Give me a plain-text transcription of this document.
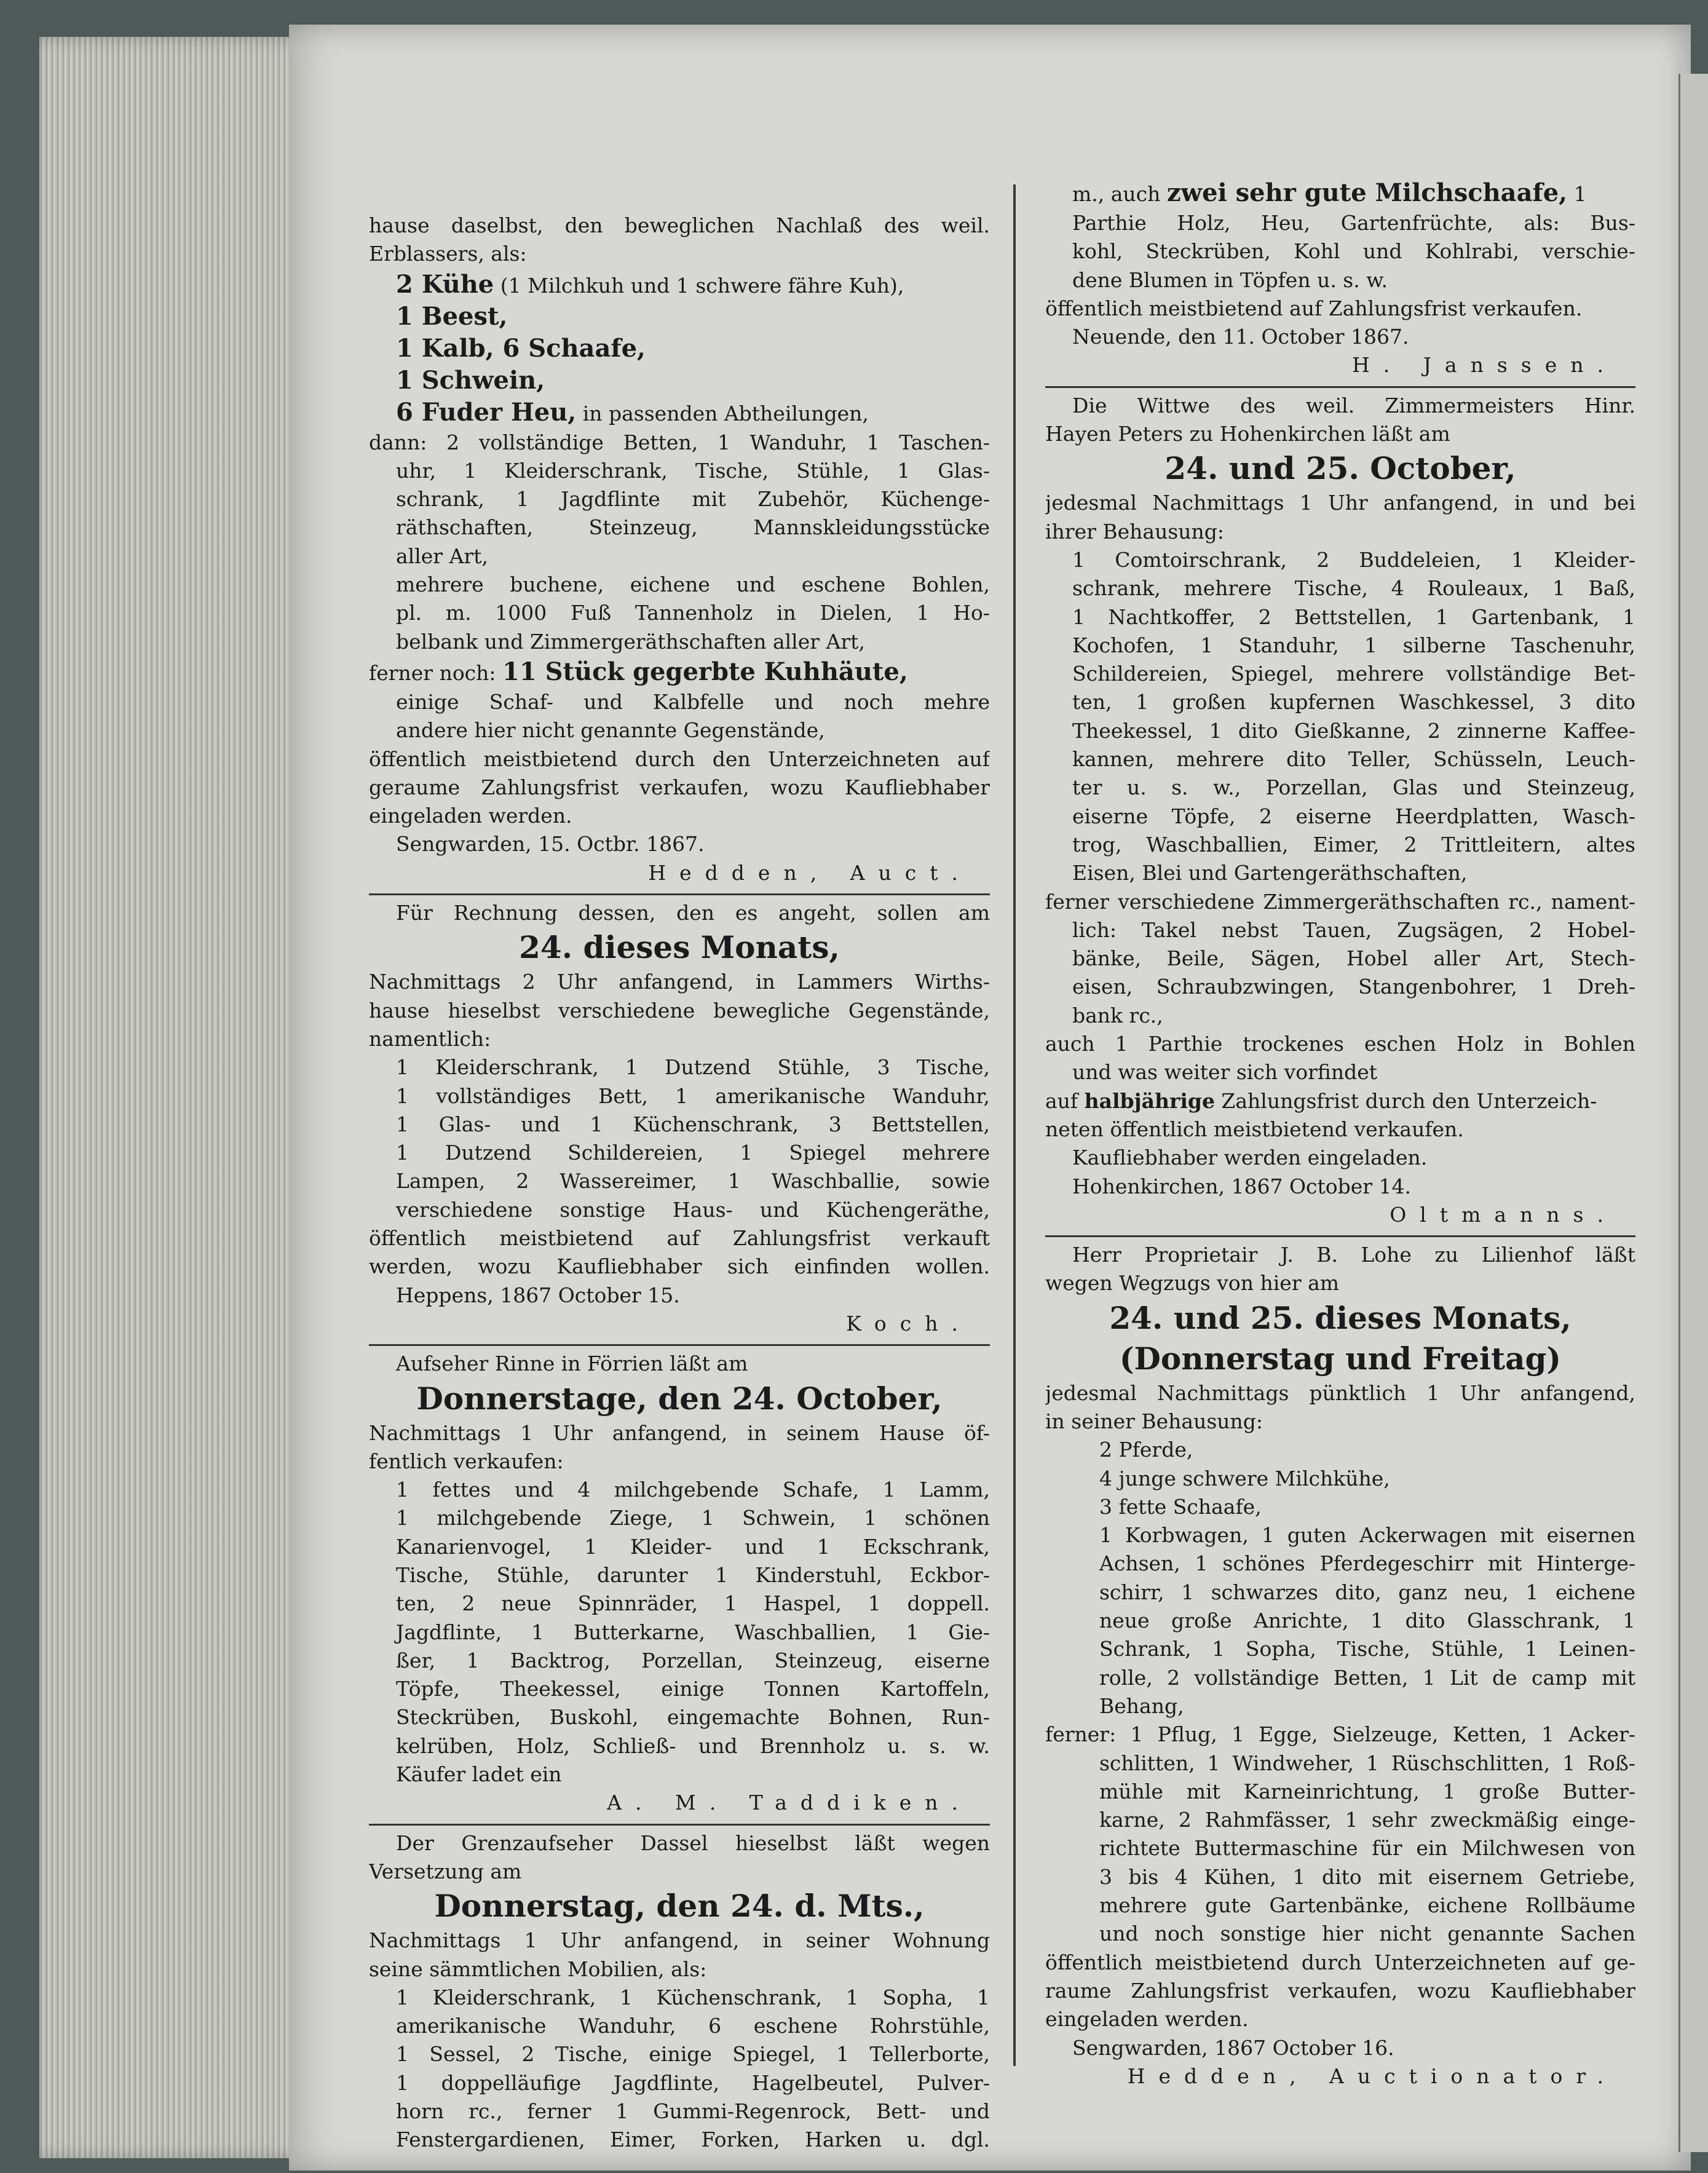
hause daselbst, den beweglichen Nachlaß des weil.
Erblassers, als:
2 Kühe (1 Milchkuh und 1 schwere fähre Kuh),
1 Beest,
1 Kalb, 6 Schaafe,
1 Schwein,
6 Fuder Heu, in passenden Abtheilungen,
dann: 2 vollständige Betten, 1 Wanduhr, 1 Taschen-
uhr, 1 Kleiderschrank, Tische, Stühle, 1 Glas-
schrank, 1 Jagdflinte mit Zubehör, Küchenge-
räthschaften, Steinzeug, Mannskleidungsstücke
aller Art,
mehrere buchene, eichene und eschene Bohlen,
pl. m. 1000 Fuß Tannenholz in Dielen, 1 Ho-
belbank und Zimmergeräthschaften aller Art,
ferner noch: 11 Stück gegerbte Kuhhäute,
einige Schaf- und Kalbfelle und noch mehre
andere hier nicht genannte Gegenstände,
öffentlich meistbietend durch den Unterzeichneten auf
geraume Zahlungsfrist verkaufen, wozu Kaufliebhaber
eingeladen werden.
Sengwarden, 15. Octbr. 1867.
Hedden, Auct.
Für Rechnung dessen, den es angeht, sollen am
24. dieses Monats,
Nachmittags 2 Uhr anfangend, in Lammers Wirths-
hause hieselbst verschiedene bewegliche Gegenstände,
namentlich:
1 Kleiderschrank, 1 Dutzend Stühle, 3 Tische,
1 vollständiges Bett, 1 amerikanische Wanduhr,
1 Glas- und 1 Küchenschrank, 3 Bettstellen,
1 Dutzend Schildereien, 1 Spiegel mehrere
Lampen, 2 Wassereimer, 1 Waschballie, sowie
verschiedene sonstige Haus- und Küchengeräthe,
öffentlich meistbietend auf Zahlungsfrist verkauft
werden, wozu Kaufliebhaber sich einfinden wollen.
Heppens, 1867 October 15.
Koch.
Aufseher Rinne in Förrien läßt am
Donnerstage, den 24. October,
Nachmittags 1 Uhr anfangend, in seinem Hause öf-
fentlich verkaufen:
1 fettes und 4 milchgebende Schafe, 1 Lamm,
1 milchgebende Ziege, 1 Schwein, 1 schönen
Kanarienvogel, 1 Kleider- und 1 Eckschrank,
Tische, Stühle, darunter 1 Kinderstuhl, Eckbor-
ten, 2 neue Spinnräder, 1 Haspel, 1 doppell.
Jagdflinte, 1 Butterkarne, Waschballien, 1 Gie-
ßer, 1 Backtrog, Porzellan, Steinzeug, eiserne
Töpfe, Theekessel, einige Tonnen Kartoffeln,
Steckrüben, Buskohl, eingemachte Bohnen, Run-
kelrüben, Holz, Schließ- und Brennholz u. s. w.
Käufer ladet ein
A. M. Taddiken.
Der Grenzaufseher Dassel hieselbst läßt wegen
Versetzung am
Donnerstag, den 24. d. Mts.,
Nachmittags 1 Uhr anfangend, in seiner Wohnung
seine sämmtlichen Mobilien, als:
1 Kleiderschrank, 1 Küchenschrank, 1 Sopha, 1
amerikanische Wanduhr, 6 eschene Rohrstühle,
1 Sessel, 2 Tische, einige Spiegel, 1 Tellerborte,
1 doppelläufige Jagdflinte, Hagelbeutel, Pulver-
horn rc., ferner 1 Gummi-Regenrock, Bett- und
Fenstergardienen, Eimer, Forken, Harken u. dgl.
m., auch zwei sehr gute Milchschaafe, 1
Parthie Holz, Heu, Gartenfrüchte, als: Bus-
kohl, Steckrüben, Kohl und Kohlrabi, verschie-
dene Blumen in Töpfen u. s. w.
öffentlich meistbietend auf Zahlungsfrist verkaufen.
Neuende, den 11. October 1867.
H. Janssen.
Die Wittwe des weil. Zimmermeisters Hinr.
Hayen Peters zu Hohenkirchen läßt am
24. und 25. October,
jedesmal Nachmittags 1 Uhr anfangend, in und bei
ihrer Behausung:
1 Comtoirschrank, 2 Buddeleien, 1 Kleider-
schrank, mehrere Tische, 4 Rouleaux, 1 Baß,
1 Nachtkoffer, 2 Bettstellen, 1 Gartenbank, 1
Kochofen, 1 Standuhr, 1 silberne Taschenuhr,
Schildereien, Spiegel, mehrere vollständige Bet-
ten, 1 großen kupfernen Waschkessel, 3 dito
Theekessel, 1 dito Gießkanne, 2 zinnerne Kaffee-
kannen, mehrere dito Teller, Schüsseln, Leuch-
ter u. s. w., Porzellan, Glas und Steinzeug,
eiserne Töpfe, 2 eiserne Heerdplatten, Wasch-
trog, Waschballien, Eimer, 2 Trittleitern, altes
Eisen, Blei und Gartengeräthschaften,
ferner verschiedene Zimmergeräthschaften rc., nament-
lich: Takel nebst Tauen, Zugsägen, 2 Hobel-
bänke, Beile, Sägen, Hobel aller Art, Stech-
eisen, Schraubzwingen, Stangenbohrer, 1 Dreh-
bank rc.,
auch 1 Parthie trockenes eschen Holz in Bohlen
und was weiter sich vorfindet
auf halbjährige Zahlungsfrist durch den Unterzeich-
neten öffentlich meistbietend verkaufen.
Kaufliebhaber werden eingeladen.
Hohenkirchen, 1867 October 14.
Oltmanns.
Herr Proprietair J. B. Lohe zu Lilienhof läßt
wegen Wegzugs von hier am
24. und 25. dieses Monats,
(Donnerstag und Freitag)
jedesmal Nachmittags pünktlich 1 Uhr anfangend,
in seiner Behausung:
2 Pferde,
4 junge schwere Milchkühe,
3 fette Schaafe,
1 Korbwagen, 1 guten Ackerwagen mit eisernen
Achsen, 1 schönes Pferdegeschirr mit Hinterge-
schirr, 1 schwarzes dito, ganz neu, 1 eichene
neue große Anrichte, 1 dito Glasschrank, 1
Schrank, 1 Sopha, Tische, Stühle, 1 Leinen-
rolle, 2 vollständige Betten, 1 Lit de camp mit
Behang,
ferner: 1 Pflug, 1 Egge, Sielzeuge, Ketten, 1 Acker-
schlitten, 1 Windweher, 1 Rüschschlitten, 1 Roß-
mühle mit Karneinrichtung, 1 große Butter-
karne, 2 Rahmfässer, 1 sehr zweckmäßig einge-
richtete Buttermaschine für ein Milchwesen von
3 bis 4 Kühen, 1 dito mit eisernem Getriebe,
mehrere gute Gartenbänke, eichene Rollbäume
und noch sonstige hier nicht genannte Sachen
öffentlich meistbietend durch Unterzeichneten auf ge-
raume Zahlungsfrist verkaufen, wozu Kaufliebhaber
eingeladen werden.
Sengwarden, 1867 October 16.
Hedden, Auctionator.
